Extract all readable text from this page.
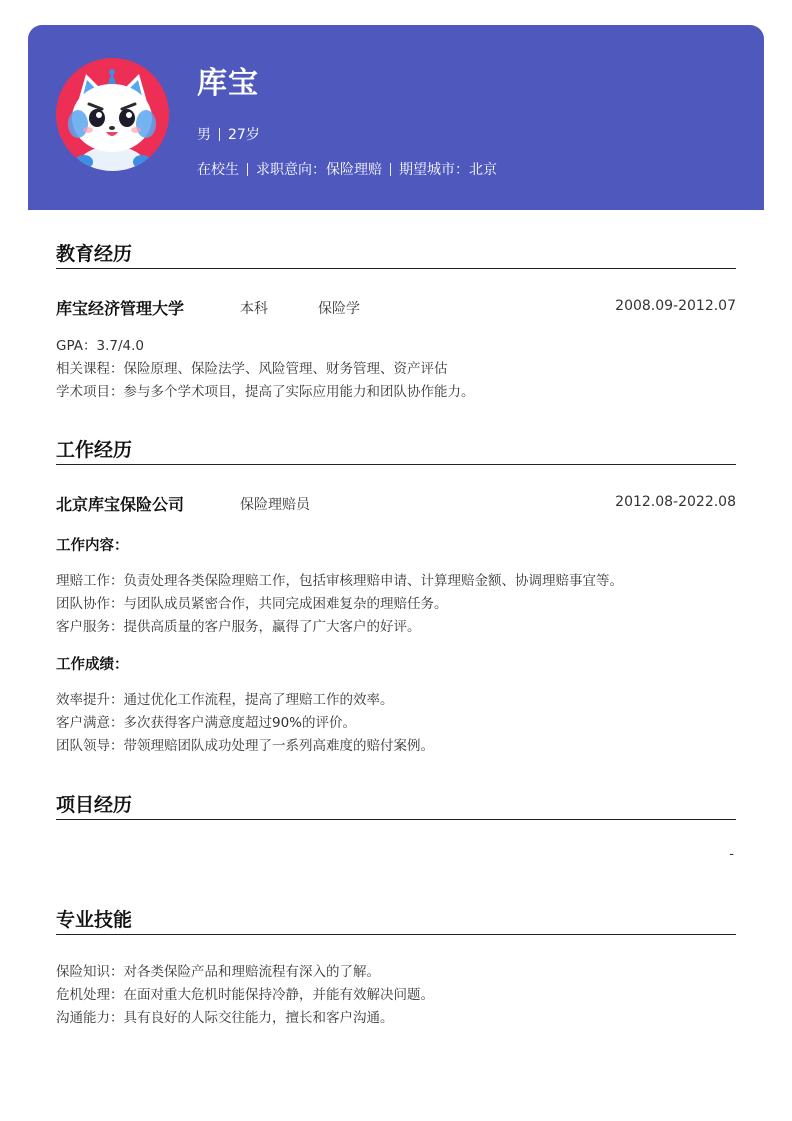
库宝
男 27岁
在校生 求职意向：保险理赔 期望城市：北京
教育经历
库宝经济管理大学	本科	保险学	2008.09-2012.07
GPA：3.7/4.0
相关课程：保险原理、保险法学、风险管理、财务管理、资产评估
学术项目：参与多个学术项目，提高了实际应用能力和团队协作能力。
工作经历
北京库宝保险公司	保险理赔员	2012.08-2022.08
工作内容：
理赔工作：负责处理各类保险理赔工作，包括审核理赔申请、计算理赔金额、协调理赔事宜等。
团队协作：与团队成员紧密合作，共同完成困难复杂的理赔任务。
客户服务：提供高质量的客户服务，赢得了广大客户的好评。
工作成绩：
效率提升：通过优化工作流程，提高了理赔工作的效率。
客户满意：多次获得客户满意度超过90%的评价。
团队领导：带领理赔团队成功处理了一系列高难度的赔付案例。
项目经历
-
专业技能
保险知识：对各类保险产品和理赔流程有深入的了解。
危机处理：在面对重大危机时能保持冷静，并能有效解决问题。
沟通能力：具有良好的人际交往能力，擅长和客户沟通。
